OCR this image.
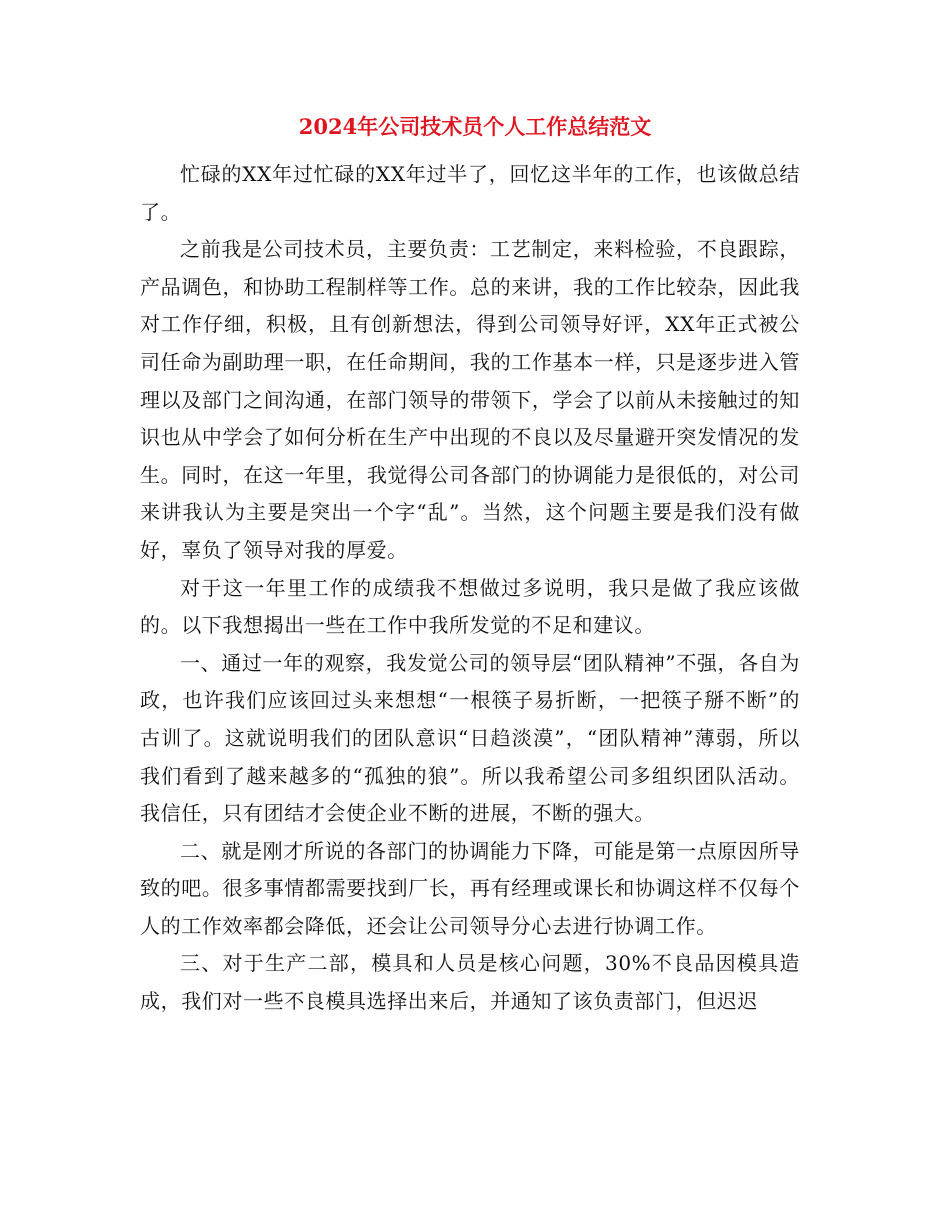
2024年公司技术员个人工作总结范文

忙碌的XX年过忙碌的XX年过半了，回忆这半年的工作，也该做总结了。

之前我是公司技术员，主要负责：工艺制定，来料检验，不良跟踪，产品调色，和协助工程制样等工作。总的来讲，我的工作比较杂，因此我对工作仔细，积极，且有创新想法，得到公司领导好评，XX年正式被公司任命为副助理一职，在任命期间，我的工作基本一样，只是逐步进入管理以及部门之间沟通，在部门领导的带领下，学会了以前从未接触过的知识也从中学会了如何分析在生产中出现的不良以及尽量避开突发情况的发生。同时，在这一年里，我觉得公司各部门的协调能力是很低的，对公司来讲我认为主要是突出一个字“乱”。当然，这个问题主要是我们没有做好，辜负了领导对我的厚爱。

对于这一年里工作的成绩我不想做过多说明，我只是做了我应该做的。以下我想揭出一些在工作中我所发觉的不足和建议。

一、通过一年的观察，我发觉公司的领导层“团队精神”不强，各自为政，也许我们应该回过头来想想“一根筷子易折断，一把筷子掰不断”的古训了。这就说明我们的团队意识“日趋淡漠”，“团队精神”薄弱，所以我们看到了越来越多的“孤独的狼”。所以我希望公司多组织团队活动。我信任，只有团结才会使企业不断的进展，不断的强大。

二、就是刚才所说的各部门的协调能力下降，可能是第一点原因所导致的吧。很多事情都需要找到厂长，再有经理或课长和协调这样不仅每个人的工作效率都会降低，还会让公司领导分心去进行协调工作。

三、对于生产二部，模具和人员是核心问题，30%不良品因模具造成，我们对一些不良模具选择出来后，并通知了该负责部门，但迟迟
